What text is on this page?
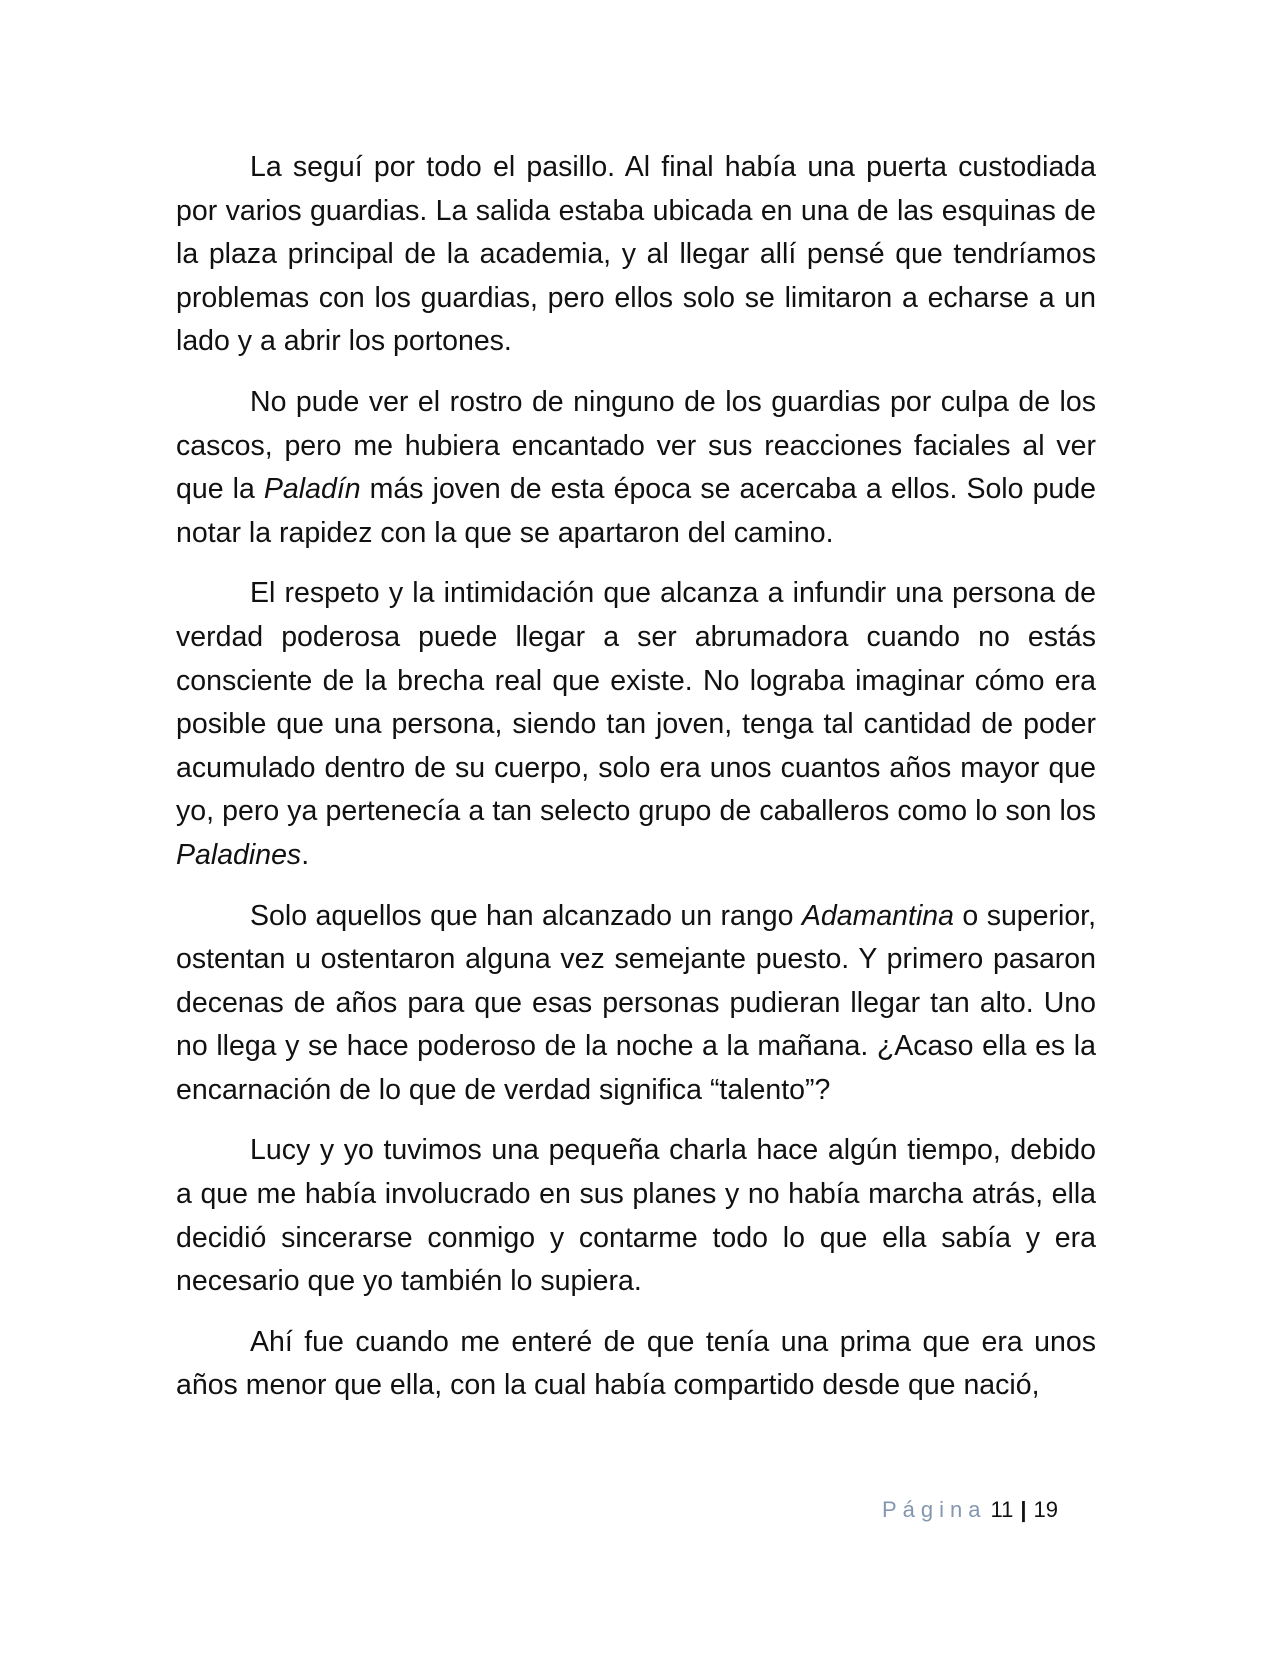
La seguí por todo el pasillo. Al final había una puerta custodiada por varios guardias. La salida estaba ubicada en una de las esquinas de la plaza principal de la academia, y al llegar allí pensé que tendríamos problemas con los guardias, pero ellos solo se limitaron a echarse a un lado y a abrir los portones.

No pude ver el rostro de ninguno de los guardias por culpa de los cascos, pero me hubiera encantado ver sus reacciones faciales al ver que la Paladín más joven de esta época se acercaba a ellos. Solo pude notar la rapidez con la que se apartaron del camino.

El respeto y la intimidación que alcanza a infundir una persona de verdad poderosa puede llegar a ser abrumadora cuando no estás consciente de la brecha real que existe. No lograba imaginar cómo era posible que una persona, siendo tan joven, tenga tal cantidad de poder acumulado dentro de su cuerpo, solo era unos cuantos años mayor que yo, pero ya pertenecía a tan selecto grupo de caballeros como lo son los Paladines.

Solo aquellos que han alcanzado un rango Adamantina o superior, ostentan u ostentaron alguna vez semejante puesto. Y primero pasaron decenas de años para que esas personas pudieran llegar tan alto. Uno no llega y se hace poderoso de la noche a la mañana. ¿Acaso ella es la encarnación de lo que de verdad significa “talento”?

Lucy y yo tuvimos una pequeña charla hace algún tiempo, debido a que me había involucrado en sus planes y no había marcha atrás, ella decidió sincerarse conmigo y contarme todo lo que ella sabía y era necesario que yo también lo supiera.

Ahí fue cuando me enteré de que tenía una prima que era unos años menor que ella, con la cual había compartido desde que nació,

Página 11 | 19
